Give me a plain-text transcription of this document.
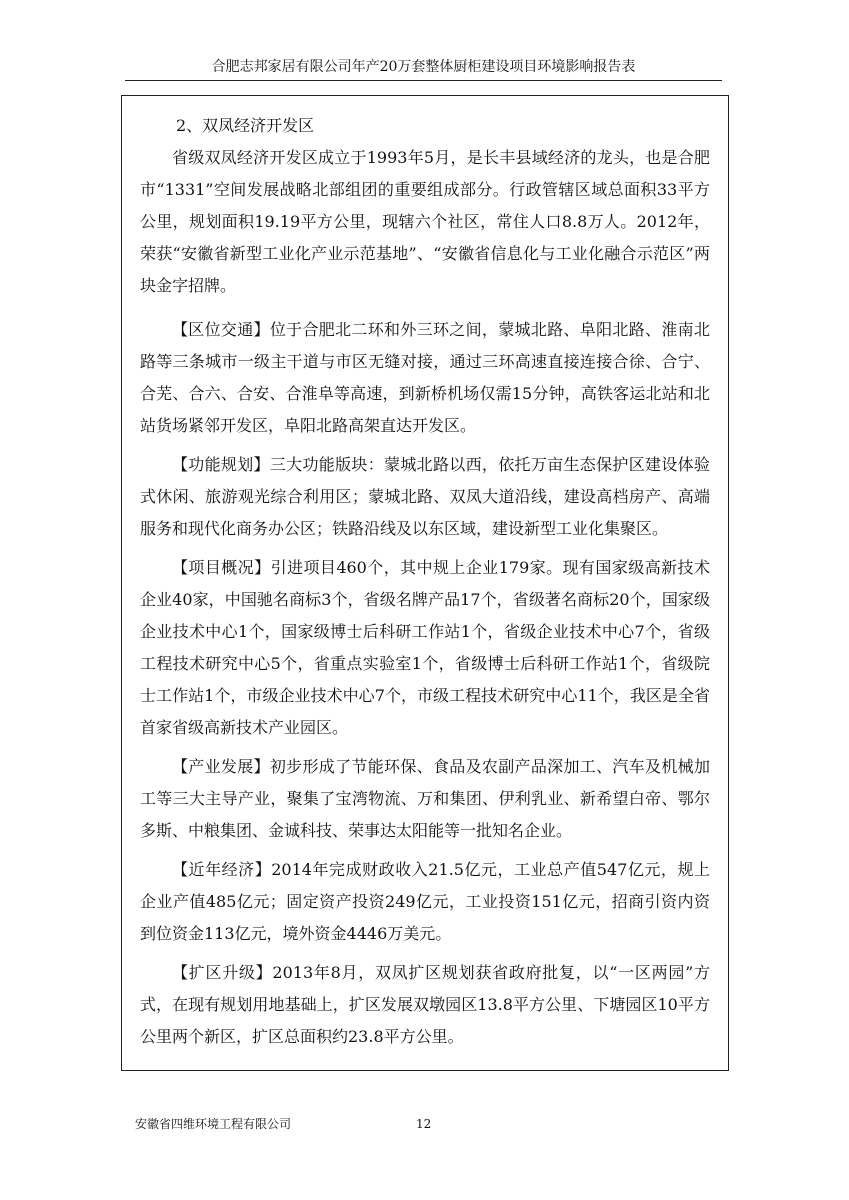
合肥志邦家居有限公司年产20万套整体厨柜建设项目环境影响报告表

2、双凤经济开发区

省级双凤经济开发区成立于1993年5月，是长丰县域经济的龙头，也是合肥市“1331”空间发展战略北部组团的重要组成部分。行政管辖区域总面积33平方公里，规划面积19.19平方公里，现辖六个社区，常住人口8.8万人。2012年，荣获“安徽省新型工业化产业示范基地”、“安徽省信息化与工业化融合示范区”两块金字招牌。

【区位交通】位于合肥北二环和外三环之间，蒙城北路、阜阳北路、淮南北路等三条城市一级主干道与市区无缝对接，通过三环高速直接连接合徐、合宁、合芜、合六、合安、合淮阜等高速，到新桥机场仅需15分钟，高铁客运北站和北站货场紧邻开发区，阜阳北路高架直达开发区。

【功能规划】三大功能版块：蒙城北路以西，依托万亩生态保护区建设体验式休闲、旅游观光综合利用区；蒙城北路、双凤大道沿线，建设高档房产、高端服务和现代化商务办公区；铁路沿线及以东区域，建设新型工业化集聚区。

【项目概况】引进项目460个，其中规上企业179家。现有国家级高新技术企业40家，中国驰名商标3个，省级名牌产品17个，省级著名商标20个，国家级企业技术中心1个，国家级博士后科研工作站1个，省级企业技术中心7个，省级工程技术研究中心5个，省重点实验室1个，省级博士后科研工作站1个，省级院士工作站1个，市级企业技术中心7个，市级工程技术研究中心11个，我区是全省首家省级高新技术产业园区。

【产业发展】初步形成了节能环保、食品及农副产品深加工、汽车及机械加工等三大主导产业，聚集了宝湾物流、万和集团、伊利乳业、新希望白帝、鄂尔多斯、中粮集团、金诚科技、荣事达太阳能等一批知名企业。

【近年经济】2014年完成财政收入21.5亿元，工业总产值547亿元，规上企业产值485亿元；固定资产投资249亿元，工业投资151亿元，招商引资内资到位资金113亿元，境外资金4446万美元。

【扩区升级】2013年8月，双凤扩区规划获省政府批复，以“一区两园”方式，在现有规划用地基础上，扩区发展双墩园区13.8平方公里、下塘园区10平方公里两个新区，扩区总面积约23.8平方公里。

安徽省四维环境工程有限公司	12
